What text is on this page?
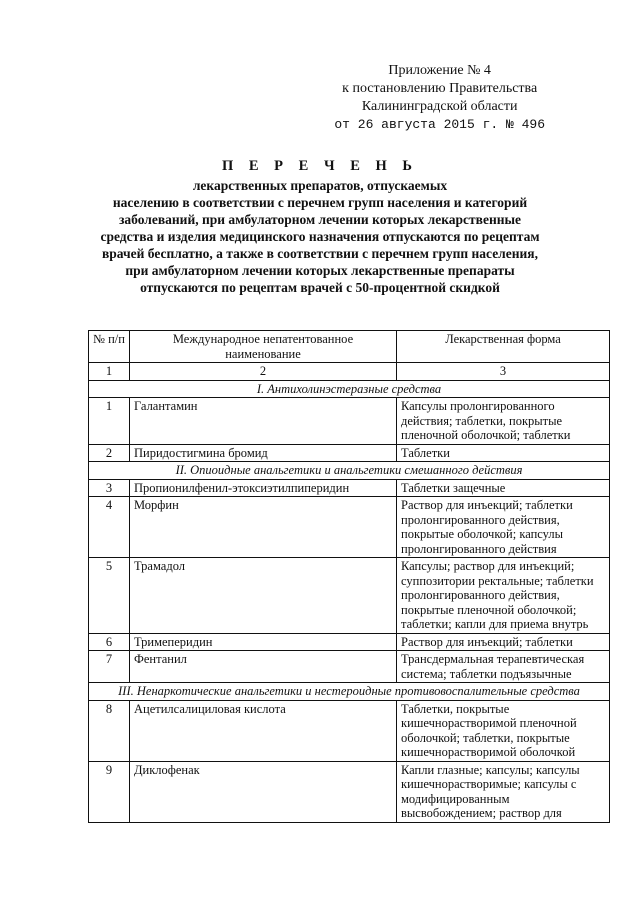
Приложение № 4
к постановлению Правительства
Калининградской области
от 26 августа 2015 г. № 496
П Е Р Е Ч Е Н Ь
лекарственных препаратов, отпускаемых
населению в соответствии с перечнем групп населения и категорий
заболеваний, при амбулаторном лечении которых лекарственные
средства и изделия медицинского назначения отпускаются по рецептам
врачей бесплатно, а также в соответствии с перечнем групп населения,
при амбулаторном лечении которых лекарственные препараты
отпускаются по рецептам врачей с 50-процентной скидкой
№ п/п	Международное непатентованное наименование	Лекарственная форма
1	2	3
I. Антихолинэстеразные средства		
1	Галантамин	Капсулы пролонгированного действия; таблетки, покрытые пленочной оболочкой; таблетки
2	Пиридостигмина бромид	Таблетки
II. Опиоидные анальгетики и анальгетики смешанного действия		
3	Пропионилфенил-этоксиэтилпиперидин	Таблетки защечные
4	Морфин	Раствор для инъекций; таблетки пролонгированного действия, покрытые оболочкой; капсулы пролонгированного действия
5	Трамадол	Капсулы; раствор для инъекций; суппозитории ректальные; таблетки пролонгированного действия, покрытые пленочной оболочкой; таблетки; капли для приема внутрь
6	Тримеперидин	Раствор для инъекций; таблетки
7	Фентанил	Трансдермальная терапевтическая система; таблетки подъязычные
III. Ненаркотические анальгетики и нестероидные противовоспалительные средства		
8	Ацетилсалициловая кислота	Таблетки, покрытые кишечнорастворимой пленочной оболочкой; таблетки, покрытые кишечнорастворимой оболочкой
9	Диклофенак	Капли глазные; капсулы; капсулы кишечнорастворимые; капсулы с модифицированным высвобождением; раствор для
